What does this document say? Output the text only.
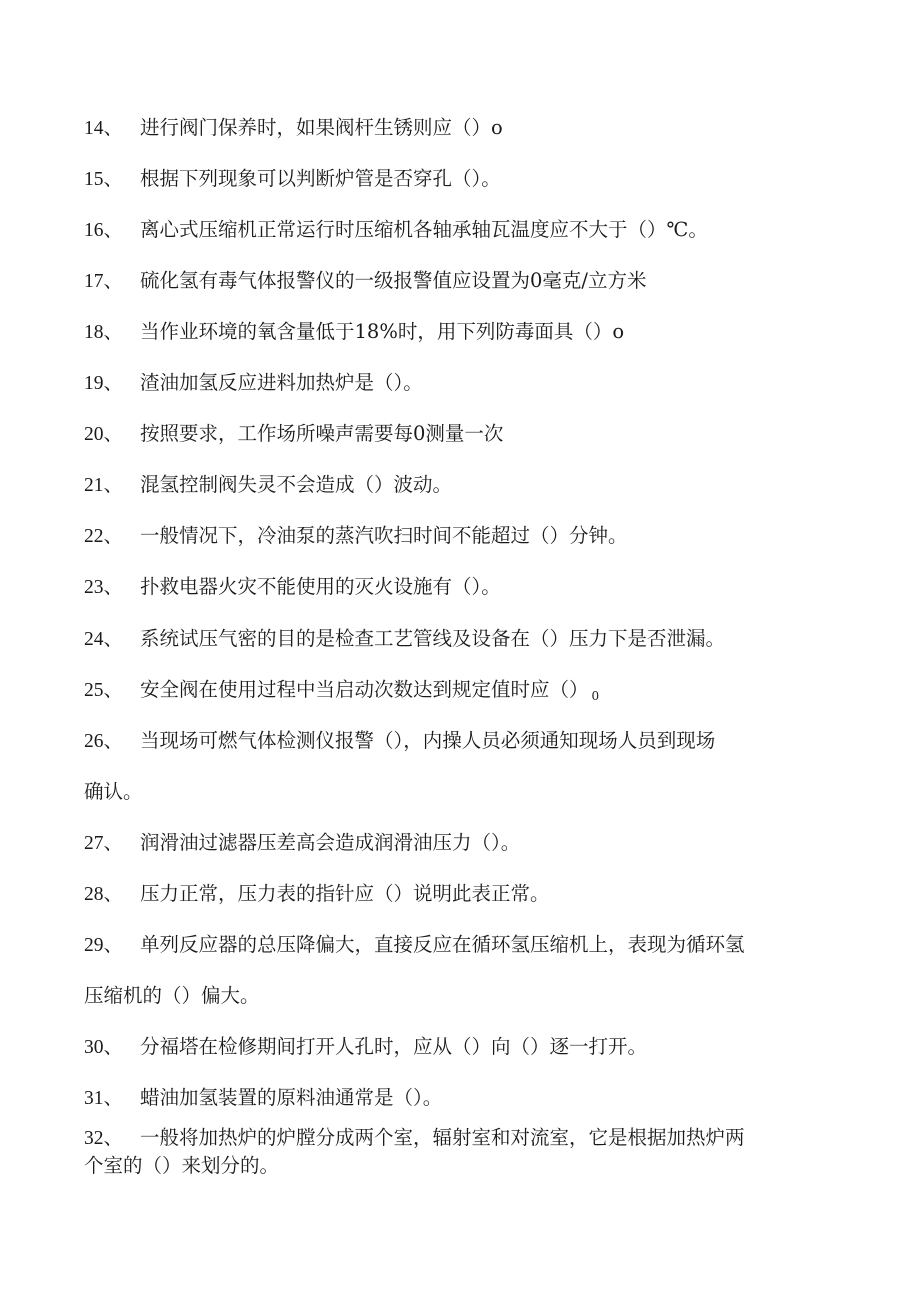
14、 进行阀门保养时，如果阀杆生锈则应（）o
15、 根据下列现象可以判断炉管是否穿孔（）。
16、 离心式压缩机正常运行时压缩机各轴承轴瓦温度应不大于（）℃。
17、 硫化氢有毒气体报警仪的一级报警值应设置为0毫克/立方米
18、 当作业环境的氧含量低于18%时，用下列防毒面具（）o
19、 渣油加氢反应进料加热炉是（）。
20、 按照要求，工作场所噪声需要每0测量一次
21、 混氢控制阀失灵不会造成（）波动。
22、 一般情况下，冷油泵的蒸汽吹扫时间不能超过（）分钟。
23、 扑救电器火灾不能使用的灭火设施有（）。
24、 系统试压气密的目的是检查工艺管线及设备在（）压力下是否泄漏。
25、 安全阀在使用过程中当启动次数达到规定值时应（） $_0$
26、 当现场可燃气体检测仪报警（），内操人员必须通知现场人员到现场
确认。
27、 润滑油过滤器压差高会造成润滑油压力（）。
28、 压力正常，压力表的指针应（）说明此表正常。
29、 单列反应器的总压降偏大，直接反应在循环氢压缩机上，表现为循环氢
压缩机的（）偏大。
30、 分福塔在检修期间打开人孔时，应从（）向（）逐一打开。
31、 蜡油加氢装置的原料油通常是（）。
32、 一般将加热炉的炉膛分成两个室，辐射室和对流室，它是根据加热炉两
个室的（）来划分的。
